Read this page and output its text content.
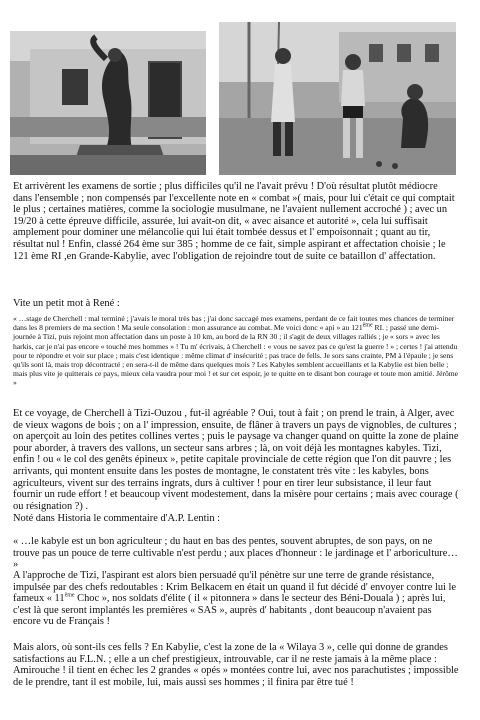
Et arrivèrent les examens de sortie ; plus difficiles qu'il ne l'avait prévu ! D'où résultat plutôt médiocre dans l'ensemble ; non compensés par l'excellente note en « combat »( mais, pour lui c'était ce qui comptait le plus ; certaines matières, comme la sociologie musulmane, ne l'avaient nullement accroché ) ; avec un 19/20 à cette épreuve difficile, assurée, lui avait-on dit, « avec aisance et autorité », cela lui suffisait amplement pour dominer une mélancolie qui lui était tombée dessus et l' empoisonnait ; quant au tir, résultat nul ! Enfin, classé 264 ème sur 385 ; homme de ce fait, simple aspirant et affectation choisie ; le 121 ème RI ,en Grande-Kabylie, avec l'obligation de rejoindre tout de suite ce bataillon d' affectation.

Vite un petit mot à René :

« …stage de Cherchell : mal terminé ; j'avais le moral très bas ; j'ai donc saccagé mes examens, perdant de ce fait toutes mes chances de terminer dans les 8 premiers de ma section ! Ma seule consolation : mon assurance au combat. Me voici donc « apì » au 121ème RI. ; passé une demi- journée à Tizi, puis rejoint mon affectation dans un poste à 10 km, au bord de la RN 30 ; il s'agit de deux villages ralliés ; je « sors » avec les harkis, car je n'ai pas encore « touché mes hommes » ! Tu m' écrivais, à Cherchell : « vous ne savez pas ce qu'est la guerre ! » ; certes ! j'ai attendu pour te répondre et voir sur place ; mais c'est identique : même climat d' insécurité ; pas trace de fells. Je sors sans crainte, PM à l'épaule ; je sens qu'ils sont là, mais trop décontracté ; en sera-t-il de même dans quelques mois ? Les Kabyles semblent accueillants et la Kabylie est bien belle ; mais plus vite je quitterais ce pays, mieux cela vaudra pour moi ! et sur cet espoir, je te quitte en te disant bon courage et toute mon amitié. Jérôme »

Et ce voyage, de Cherchell à Tizi-Ouzou , fut-il agréable ? Oui, tout à fait ; on prend le train, à Alger, avec de vieux wagons de bois ; on a l' impression, ensuite, de flâner à travers un pays de vignobles, de cultures ; on aperçoit au loin des petites collines vertes ; puis le paysage va changer quand on quitte la zone de plaine pour aborder, à travers des vallons, un secteur sans arbres ; là, on voit déjà les montagnes kabyles. Tizi, enfin ! ou « le col des genêts épineux », petite capitale provinciale de cette région que l'on dit pauvre ; les arrivants, qui montent ensuite dans les postes de montagne, le constatent très vite : les kabyles, bons agriculteurs, vivent sur des terrains ingrats, durs à cultiver ! pour en tirer leur subsistance, il leur faut fournir un rude effort ! et beaucoup vivent modestement, dans la misère pour certains ; mais avec courage ( ou résignation ?) .

Noté dans Historia le commentaire d'A.P. Lentin :

« …le kabyle est un bon agriculteur ; du haut en bas des pentes, souvent abruptes, de son pays, on ne trouve pas un pouce de terre cultivable n'est perdu ; aux places d'honneur : le jardinage et l' arboriculture… »

A l'approche de Tizi, l'aspirant est alors bien persuadé qu'il pénètre sur une terre de grande résistance, impulsée par des chefs redoutables : Krim Belkacem en était un quand il fut décidé d' envoyer contre lui le fameux « 11ème Choc », nos soldats d'élite ( il « pitonnera » dans le secteur des Béni-Douala ) ; après lui, c'est là que seront implantés les premières « SAS », auprès d' habitants , dont beaucoup n'avaient pas encore vu de Français !

Mais alors, où sont-ils ces fells ? En Kabylie, c'est la zone de la « Wilaya 3 », celle qui donne de grandes satisfactions au F.L.N. ; elle a un chef prestigieux, introuvable, car il ne reste jamais à la même place : Amirouche ! il tient en échec les 2 grandes « opés » montées contre lui, avec nos parachutistes ; impossible de le prendre, tant il est mobile, lui, mais aussi ses hommes ; il finira par être tué !
